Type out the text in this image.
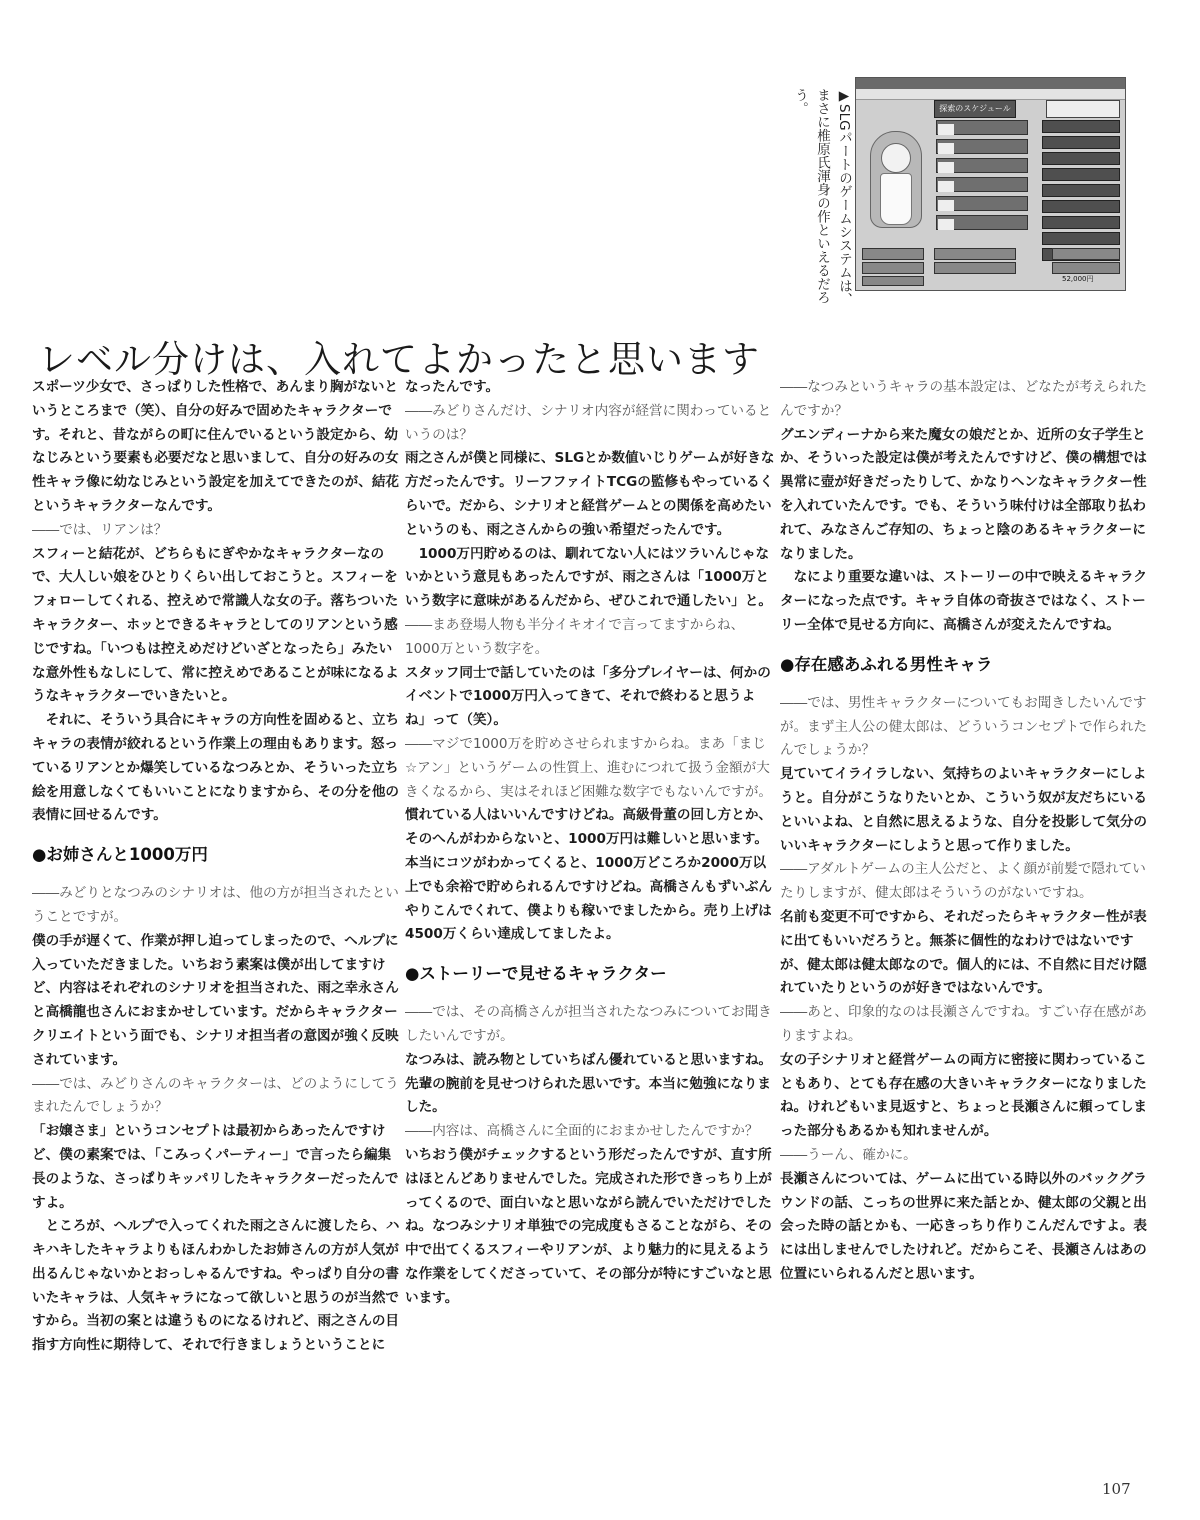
探索のスケジュール
52,000円
▶SLGパートのゲームシステムは、まさに椎原氏渾身の作といえるだろう。
レベル分けは、入れてよかったと思います

スポーツ少女で、さっぱりした性格で、あんまり胸がないというところまで（笑）、自分の好みで固めたキャラクターです。それと、昔ながらの町に住んでいるという設定から、幼なじみという要素も必要だなと思いまして、自分の好みの女性キャラ像に幼なじみという設定を加えてできたのが、結花というキャラクターなんです。

――では、リアンは？

スフィーと結花が、どちらもにぎやかなキャラクターなので、大人しい娘をひとりくらい出しておこうと。スフィーをフォローしてくれる、控えめで常識人な女の子。落ちついたキャラクター、ホッとできるキャラとしてのリアンという感じですね。「いつもは控えめだけどいざとなったら」みたいな意外性もなしにして、常に控えめであることが味になるようなキャラクターでいきたいと。

　それに、そういう具合にキャラの方向性を固めると、立ちキャラの表情が絞れるという作業上の理由もあります。怒っているリアンとか爆笑しているなつみとか、そういった立ち絵を用意しなくてもいいことになりますから、その分を他の表情に回せるんです。

●お姉さんと1000万円

――みどりとなつみのシナリオは、他の方が担当されたということですが。

僕の手が遅くて、作業が押し迫ってしまったので、ヘルプに入っていただきました。いちおう素案は僕が出してますけど、内容はそれぞれのシナリオを担当された、雨之幸永さんと高橋龍也さんにおまかせしています。だからキャラクタークリエイトという面でも、シナリオ担当者の意図が強く反映されています。

――では、みどりさんのキャラクターは、どのようにしてうまれたんでしょうか？

「お嬢さま」というコンセプトは最初からあったんですけど、僕の素案では、「こみっくパーティー」で言ったら編集長のような、さっぱりキッパリしたキャラクターだったんですよ。

　ところが、ヘルプで入ってくれた雨之さんに渡したら、ハキハキしたキャラよりもほんわかしたお姉さんの方が人気が出るんじゃないかとおっしゃるんですね。やっぱり自分の書いたキャラは、人気キャラになって欲しいと思うのが当然ですから。当初の案とは違うものになるけれど、雨之さんの目指す方向性に期待して、それで行きましょうということに

なったんです。

――みどりさんだけ、シナリオ内容が経営に関わっているというのは？

雨之さんが僕と同様に、SLGとか数値いじりゲームが好きな方だったんです。リーフファイトTCGの監修もやっているくらいで。だから、シナリオと経営ゲームとの関係を高めたいというのも、雨之さんからの強い希望だったんです。

　1000万円貯めるのは、馴れてない人にはツラいんじゃないかという意見もあったんですが、雨之さんは「1000万という数字に意味があるんだから、ぜひこれで通したい」と。

――まあ登場人物も半分イキオイで言ってますからね、1000万という数字を。

スタッフ同士で話していたのは「多分プレイヤーは、何かのイベントで1000万円入ってきて、それで終わると思うよね」って（笑）。

――マジで1000万を貯めさせられますからね。まあ「まじ☆アン」というゲームの性質上、進むにつれて扱う金額が大きくなるから、実はそれほど困難な数字でもないんですが。

慣れている人はいいんですけどね。高級骨董の回し方とか、そのへんがわからないと、1000万円は難しいと思います。本当にコツがわかってくると、1000万どころか2000万以上でも余裕で貯められるんですけどね。高橋さんもずいぶんやりこんでくれて、僕よりも稼いでましたから。売り上げは4500万くらい達成してましたよ。

●ストーリーで見せるキャラクター

――では、その高橋さんが担当されたなつみについてお聞きしたいんですが。

なつみは、読み物としていちばん優れていると思いますね。先輩の腕前を見せつけられた思いです。本当に勉強になりました。

――内容は、高橋さんに全面的におまかせしたんですか？

いちおう僕がチェックするという形だったんですが、直す所はほとんどありませんでした。完成された形できっちり上がってくるので、面白いなと思いながら読んでいただけでしたね。なつみシナリオ単独での完成度もさることながら、その中で出てくるスフィーやリアンが、より魅力的に見えるような作業をしてくださっていて、その部分が特にすごいなと思います。

――なつみというキャラの基本設定は、どなたが考えられたんですか？

グエンディーナから来た魔女の娘だとか、近所の女子学生とか、そういった設定は僕が考えたんですけど、僕の構想では異常に壺が好きだったりして、かなりヘンなキャラクター性を入れていたんです。でも、そういう味付けは全部取り払われて、みなさんご存知の、ちょっと陰のあるキャラクターになりました。

　なにより重要な違いは、ストーリーの中で映えるキャラクターになった点です。キャラ自体の奇抜さではなく、ストーリー全体で見せる方向に、高橋さんが変えたんですね。

●存在感あふれる男性キャラ

――では、男性キャラクターについてもお聞きしたいんですが。まず主人公の健太郎は、どういうコンセプトで作られたんでしょうか？

見ていてイライラしない、気持ちのよいキャラクターにしようと。自分がこうなりたいとか、こういう奴が友だちにいるといいよね、と自然に思えるような、自分を投影して気分のいいキャラクターにしようと思って作りました。

――アダルトゲームの主人公だと、よく顔が前髪で隠れていたりしますが、健太郎はそういうのがないですね。

名前も変更不可ですから、それだったらキャラクター性が表に出てもいいだろうと。無茶に個性的なわけではないですが、健太郎は健太郎なので。個人的には、不自然に目だけ隠れていたりというのが好きではないんです。

――あと、印象的なのは長瀬さんですね。すごい存在感がありますよね。

女の子シナリオと経営ゲームの両方に密接に関わっていることもあり、とても存在感の大きいキャラクターになりましたね。けれどもいま見返すと、ちょっと長瀬さんに頼ってしまった部分もあるかも知れませんが。

――うーん、確かに。

長瀬さんについては、ゲームに出ている時以外のバックグラウンドの話、こっちの世界に来た話とか、健太郎の父親と出会った時の話とかも、一応きっちり作りこんだんですよ。表には出しませんでしたけれど。だからこそ、長瀬さんはあの位置にいられるんだと思います。

107
